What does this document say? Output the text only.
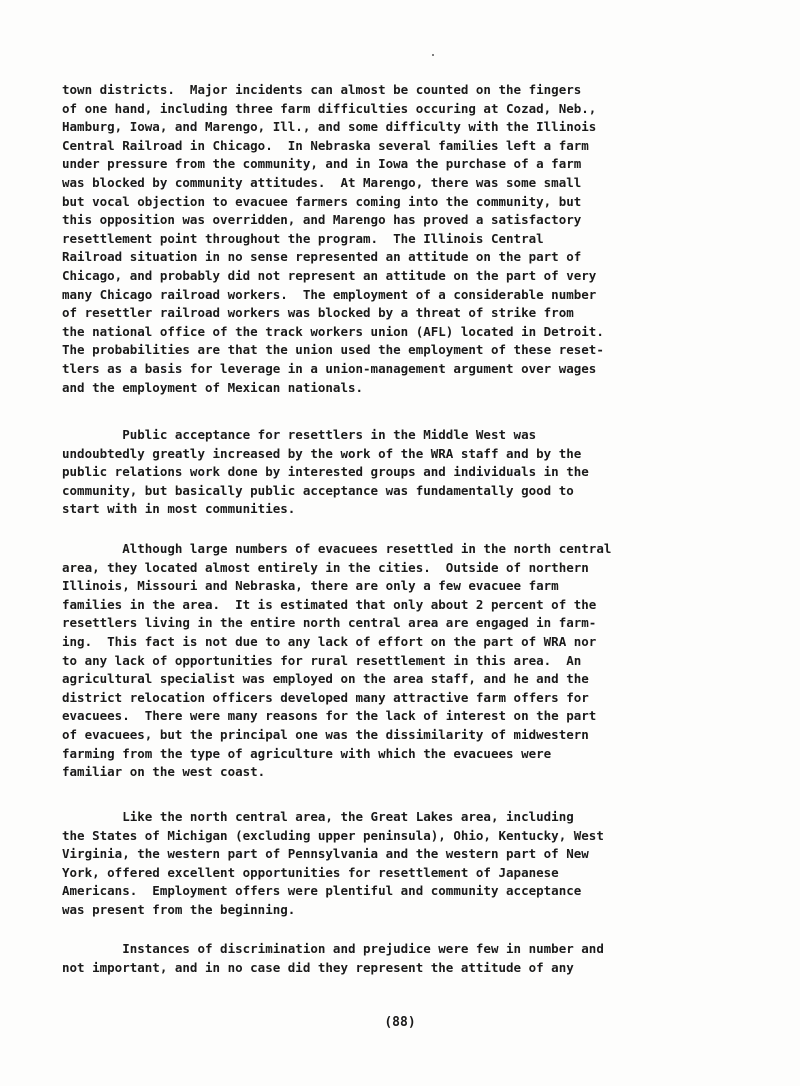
town districts.  Major incidents can almost be counted on the fingers
of one hand, including three farm difficulties occuring at Cozad, Neb.,
Hamburg, Iowa, and Marengo, Ill., and some difficulty with the Illinois
Central Railroad in Chicago.  In Nebraska several families left a farm
under pressure from the community, and in Iowa the purchase of a farm
was blocked by community attitudes.  At Marengo, there was some small
but vocal objection to evacuee farmers coming into the community, but
this opposition was overridden, and Marengo has proved a satisfactory
resettlement point throughout the program.  The Illinois Central
Railroad situation in no sense represented an attitude on the part of
Chicago, and probably did not represent an attitude on the part of very
many Chicago railroad workers.  The employment of a considerable number
of resettler railroad workers was blocked by a threat of strike from
the national office of the track workers union (AFL) located in Detroit.
The probabilities are that the union used the employment of these reset-
tlers as a basis for leverage in a union-management argument over wages
and the employment of Mexican nationals.
Public acceptance for resettlers in the Middle West was
undoubtedly greatly increased by the work of the WRA staff and by the
public relations work done by interested groups and individuals in the
community, but basically public acceptance was fundamentally good to
start with in most communities.
Although large numbers of evacuees resettled in the north central
area, they located almost entirely in the cities.  Outside of northern
Illinois, Missouri and Nebraska, there are only a few evacuee farm
families in the area.  It is estimated that only about 2 percent of the
resettlers living in the entire north central area are engaged in farm-
ing.  This fact is not due to any lack of effort on the part of WRA nor
to any lack of opportunities for rural resettlement in this area.  An
agricultural specialist was employed on the area staff, and he and the
district relocation officers developed many attractive farm offers for
evacuees.  There were many reasons for the lack of interest on the part
of evacuees, but the principal one was the dissimilarity of midwestern
farming from the type of agriculture with which the evacuees were
familiar on the west coast.
Like the north central area, the Great Lakes area, including
the States of Michigan (excluding upper peninsula), Ohio, Kentucky, West
Virginia, the western part of Pennsylvania and the western part of New
York, offered excellent opportunities for resettlement of Japanese
Americans.  Employment offers were plentiful and community acceptance
was present from the beginning.
Instances of discrimination and prejudice were few in number and
not important, and in no case did they represent the attitude of any
(88)
